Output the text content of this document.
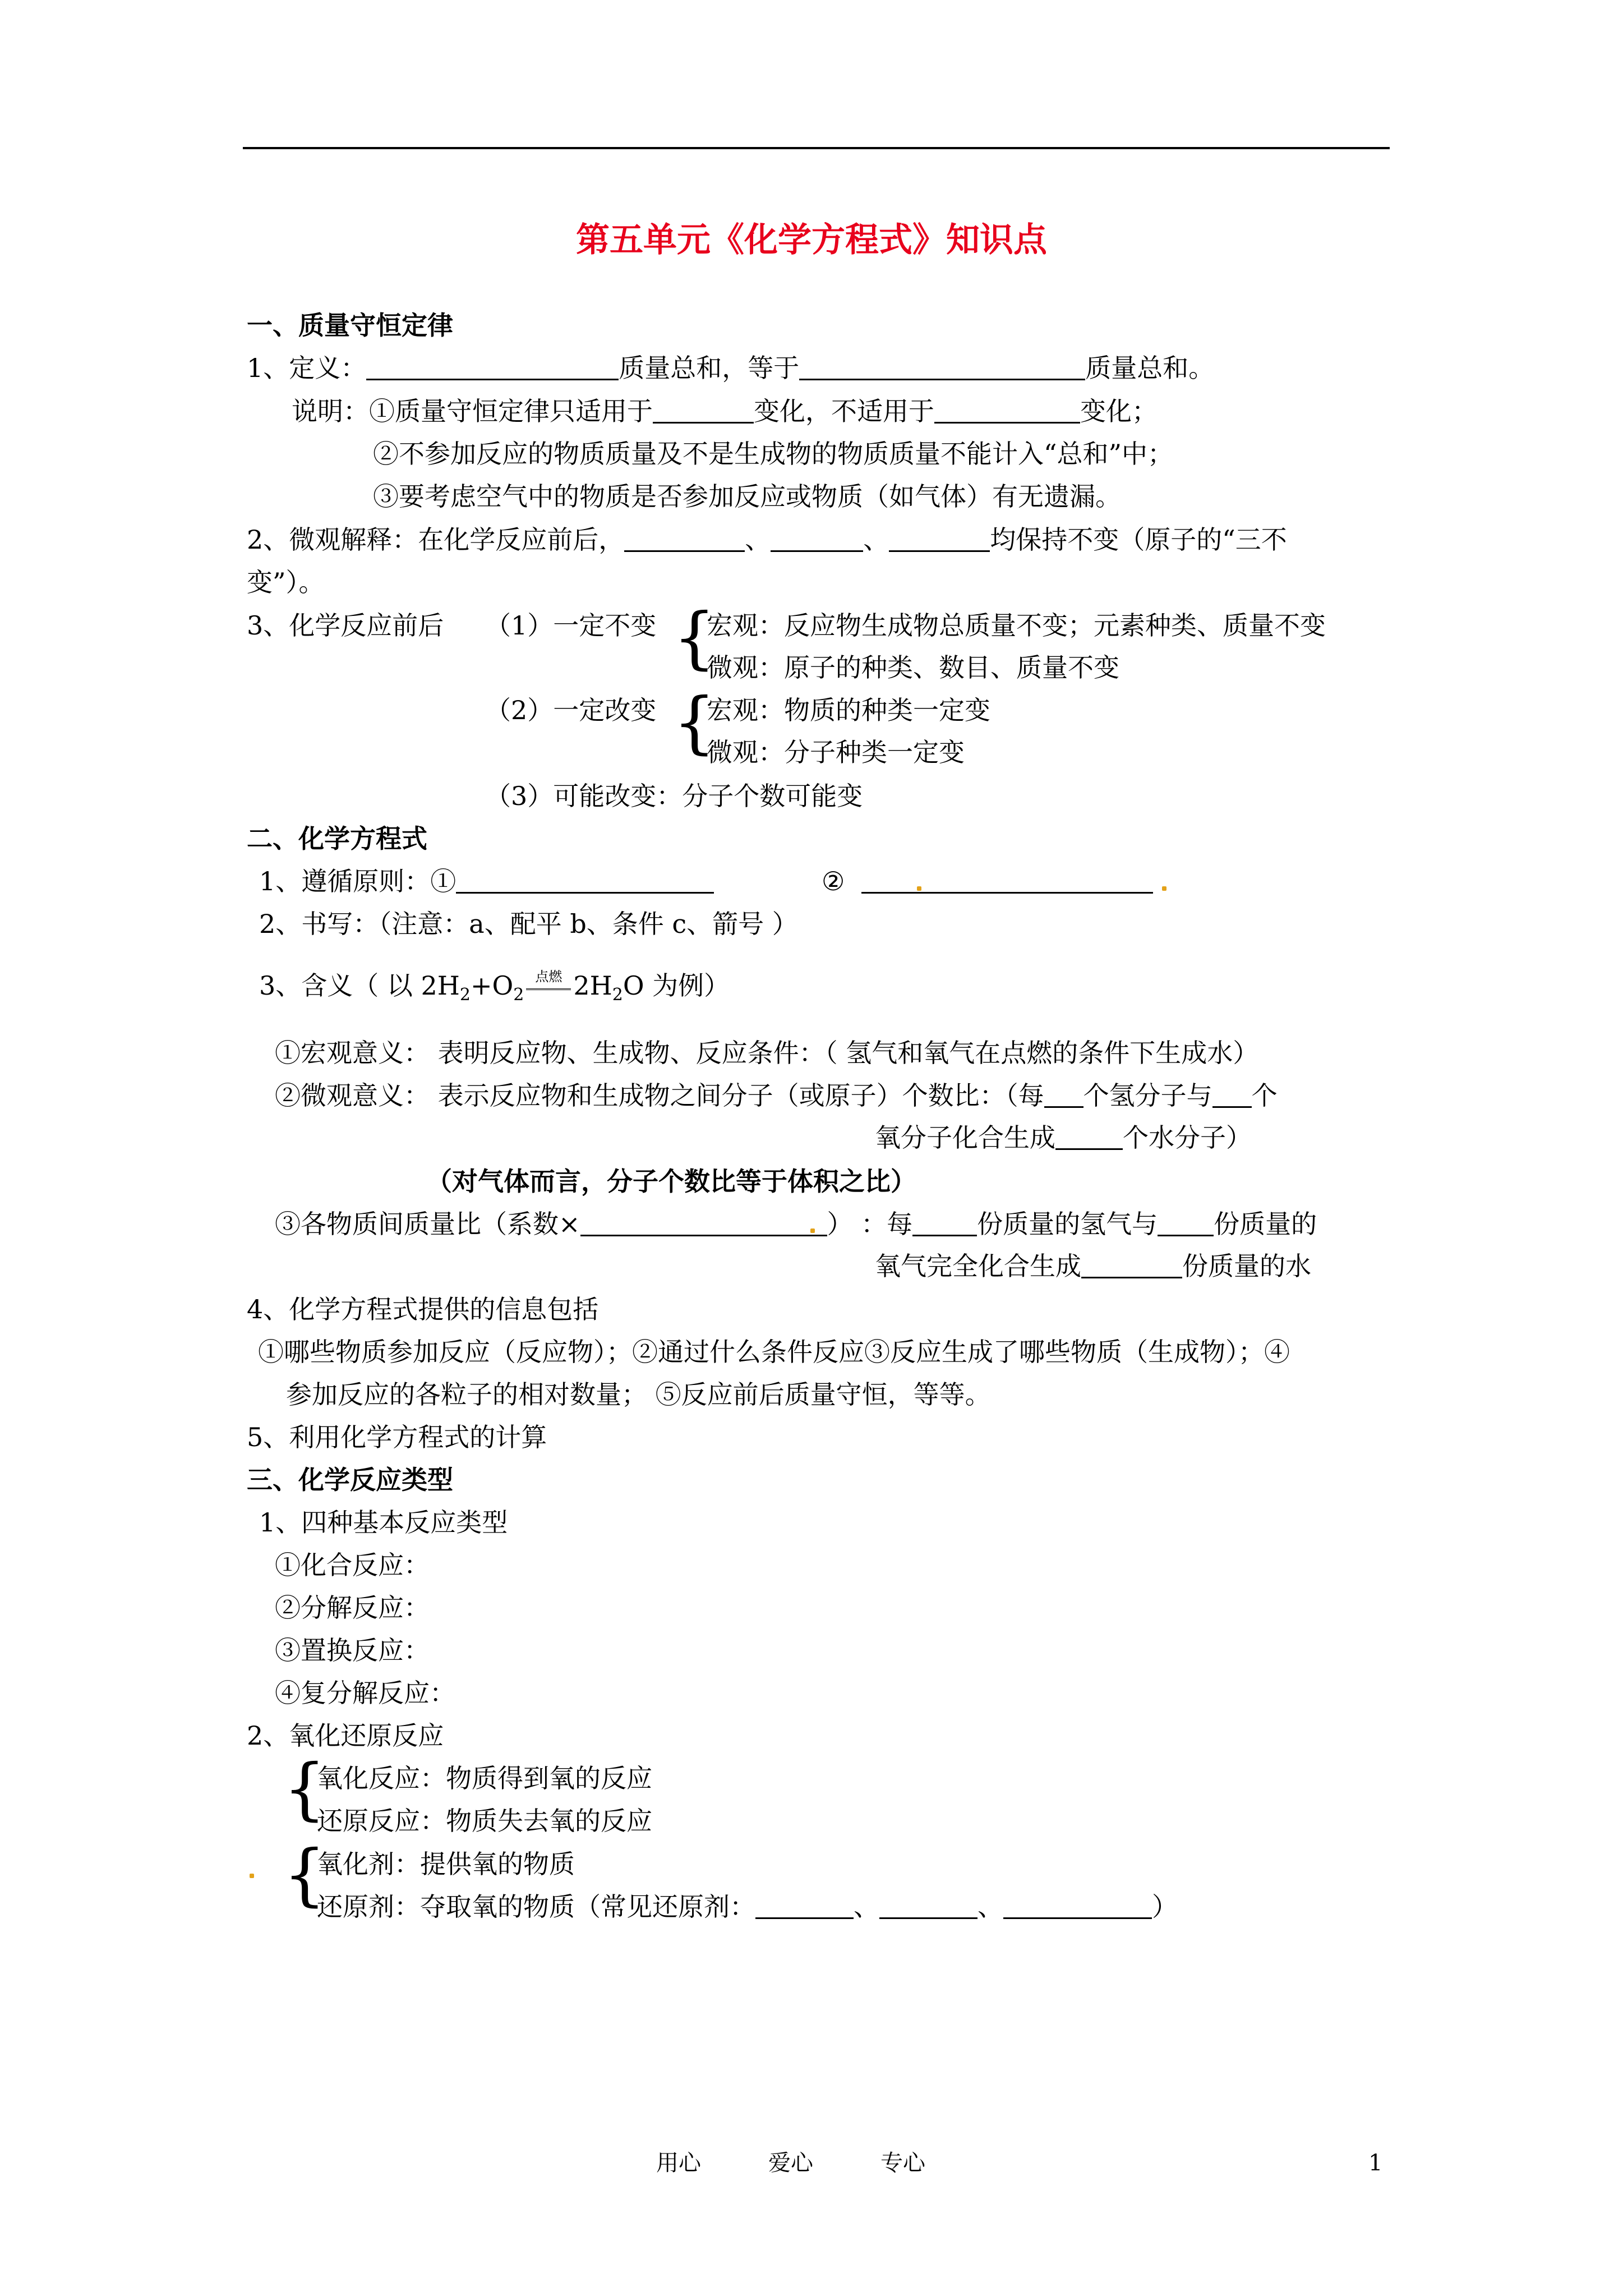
第五单元《化学方程式》知识点
一、质量守恒定律
1、定义：	质量总和，等于	质量总和。
说明：①质量守恒定律只适用于	变化，不适用于	变化；
②不参加反应的物质质量及不是生成物的物质质量不能计入“总和”中；
③要考虑空气中的物质是否参加反应或物质（如气体）有无遗漏。
2、微观解释：在化学反应前后，	、	、	均保持不变（原子的“三不
变”）。
3、化学反应前后 （1）一定不变 {
宏观：反应物生成物总质量不变；元素种类、质量不变
微观：原子的种类、数目、质量不变
（2）一定改变 {
宏观：物质的种类一定变
微观：分子种类一定变
（3）可能改变：分子个数可能变
二、化学方程式
1、遵循原则：①	②
2、书写：（注意：a、配平 b、条件 c、箭号 ）
3、含义（ 以 $2H_2+O_2$
点燃 $2H_2O$ 为例）
①宏观意义： 表明反应物、生成物、反应条件：（ 氢气和氧气在点燃的条件下生成水）
②微观意义： 表示反应物和生成物之间分子（或原子）个数比：（每 个氢分子与 个
氧分子化合生成	个水分子）
（对气体而言，分子个数比等于体积之比）
③各物质间质量比（系数×	） ：每	份质量的氢气与 份质量的
氧气完全化合生成	份质量的水
4、化学方程式提供的信息包括
①哪些物质参加反应（反应物）；②通过什么条件反应③反应生成了哪些物质（生成物）；④
参加反应的各粒子的相对数量； ⑤反应前后质量守恒，等等。
5、利用化学方程式的计算
三、化学反应类型
1、四种基本反应类型
①化合反应：
②分解反应：
③置换反应：
④复分解反应：
2、氧化还原反应
{
氧化反应：物质得到氧的反应
还原反应：物质失去氧的反应
{
氧化剂：提供氧的物质
还原剂：夺取氧的物质（常见还原剂：	、	、	）
用心	爱心	专心	1
